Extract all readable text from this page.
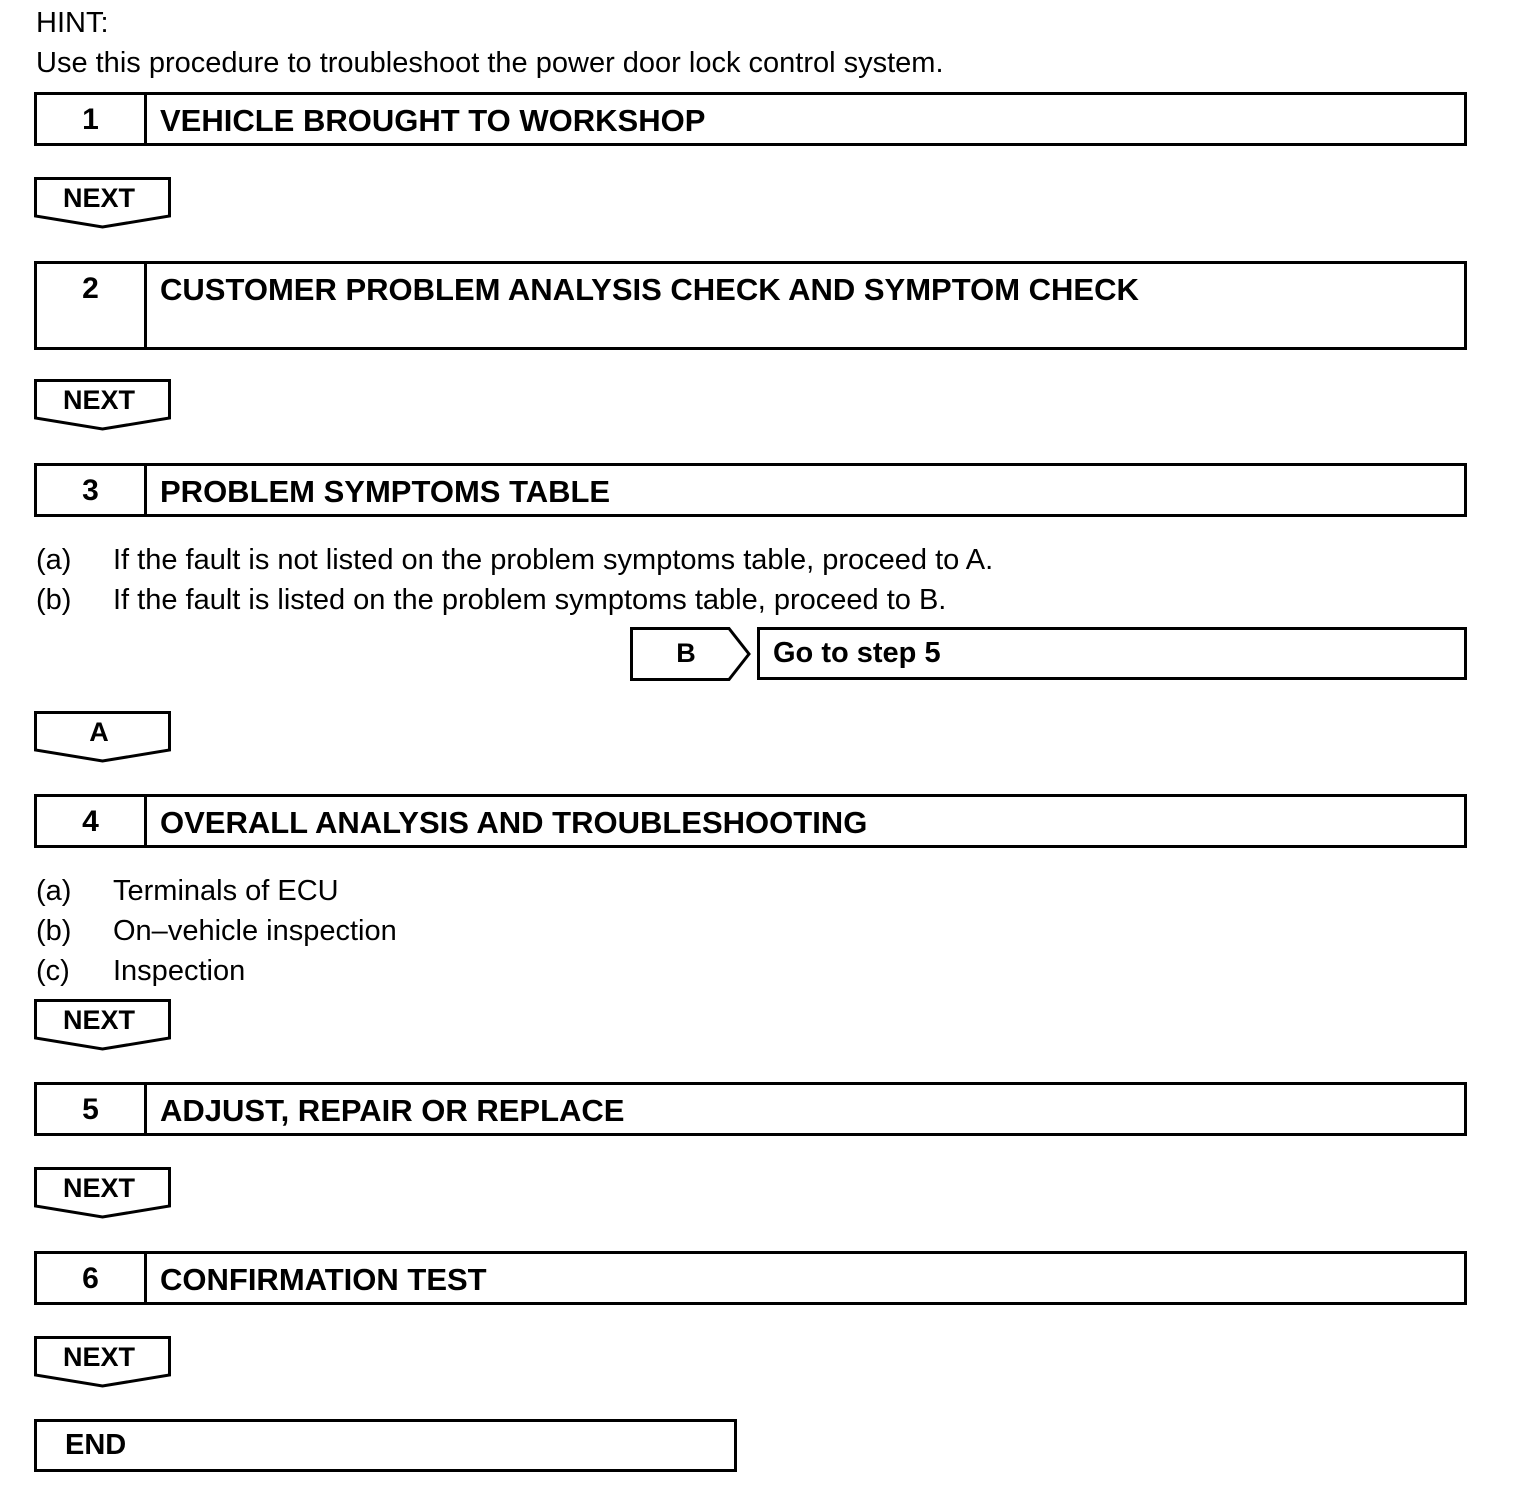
HINT:
Use this procedure to troubleshoot the power door lock control system.
1	VEHICLE BROUGHT TO WORKSHOP
NEXT
2	CUSTOMER PROBLEM ANALYSIS CHECK AND SYMPTOM CHECK
NEXT
3	PROBLEM SYMPTOMS TABLE
(a) If the fault is not listed on the problem symptoms table, proceed to A.
(b) If the fault is listed on the problem symptoms table, proceed to B.
B	Go to step 5
A
4	OVERALL ANALYSIS AND TROUBLESHOOTING
(a) Terminals of ECU
(b) On–vehicle inspection
(c) Inspection
NEXT
5	ADJUST, REPAIR OR REPLACE
NEXT
6	CONFIRMATION TEST
NEXT
END
